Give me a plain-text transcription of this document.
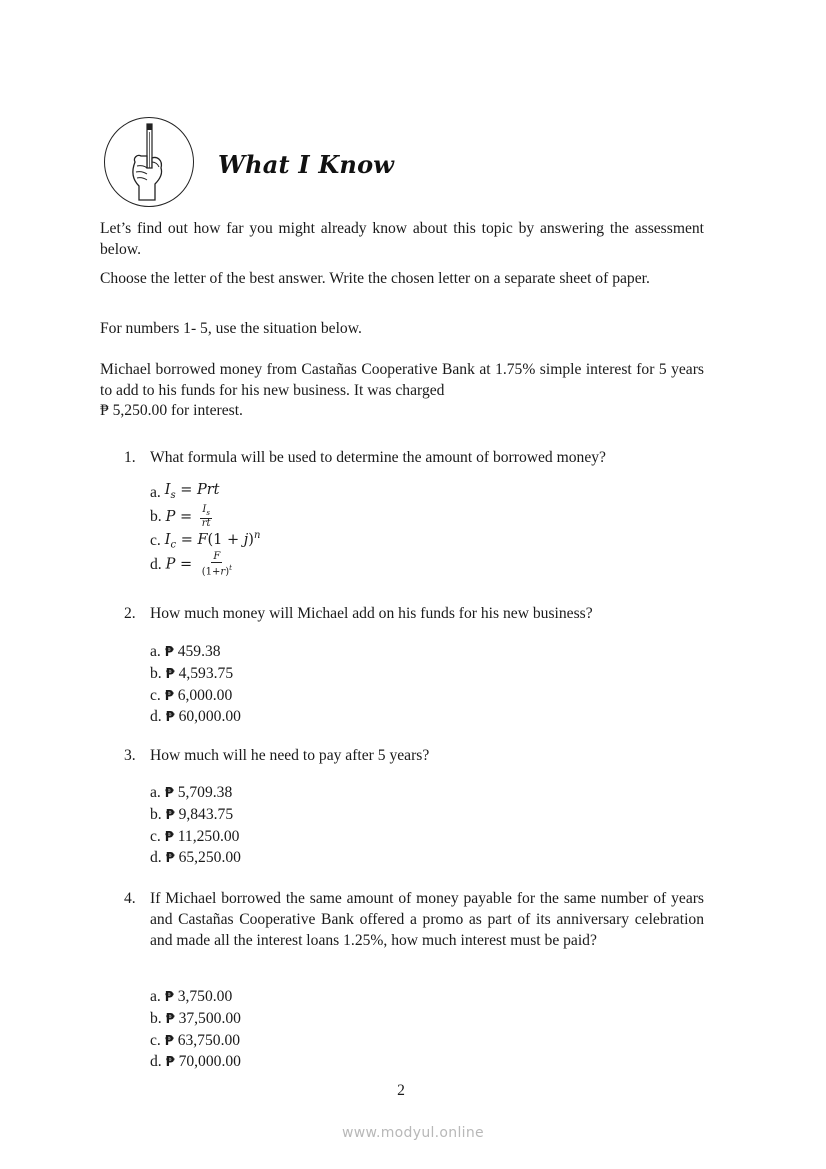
What I Know
Let’s find out how far you might already know about this topic by answering the assessment below.
Choose the letter of the best answer. Write the chosen letter on a separate sheet of paper.
For numbers 1- 5, use the situation below.
Michael borrowed money from Castañas Cooperative Bank at 1.75% simple interest for 5 years to add to his funds for his new business. It was charged
₱ 5,250.00 for interest.
1. What formula will be used to determine the amount of borrowed money?
a.
$I_s$ = Prt
b.
$P = \frac{I_s}{rt}$
c.
$I_c = F(1 + j)^n$
d.
$P = \frac{F}{(1+r)^t}$
2. How much money will Michael add on his funds for his new business?
a. ₱ 459.38
b. ₱ 4,593.75
c. ₱ 6,000.00
d. ₱ 60,000.00
3. How much will he need to pay after 5 years?
a. ₱ 5,709.38
b. ₱ 9,843.75
c. ₱ 11,250.00
d. ₱ 65,250.00
4. If Michael borrowed the same amount of money payable for the same number of years and Castañas Cooperative Bank offered a promo as part of its anniversary celebration and made all the interest loans 1.25%, how much interest must be paid?
a. ₱ 3,750.00
b. ₱ 37,500.00
c. ₱ 63,750.00
d. ₱ 70,000.00
2
www.modyul.online
